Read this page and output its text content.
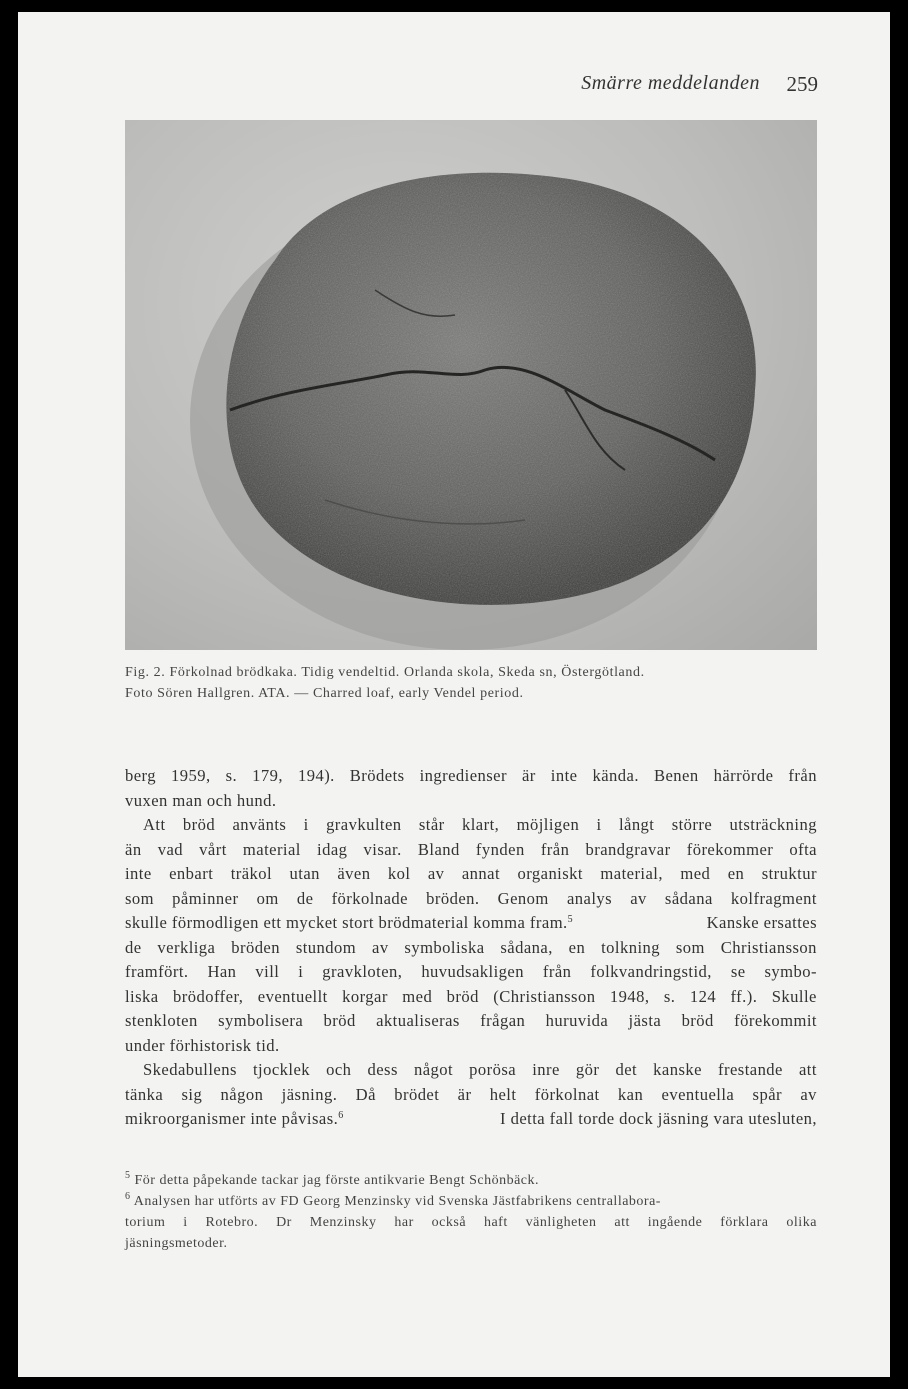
Smärre meddelanden 259
Fig. 2. Förkolnad brödkaka. Tidig vendeltid. Orlanda skola, Skeda sn, Östergötland.
Foto Sören Hallgren. ATA. — Charred loaf, early Vendel period.
berg 1959, s. 179, 194). Brödets ingredienser är inte kända. Benen härrörde från
vuxen man och hund.
Att bröd använts i gravkulten står klart, möjligen i långt större utsträckning
än vad vårt material idag visar. Bland fynden från brandgravar förekommer ofta
inte enbart träkol utan även kol av annat organiskt material, med en struktur
som påminner om de förkolnade bröden. Genom analys av sådana kolfragment
skulle förmodligen ett mycket stort brödmaterial komma fram.$^5$	Kanske ersattes
de verkliga bröden stundom av symboliska sådana, en tolkning som Christiansson
framfört. Han vill i gravkloten, huvudsakligen från folkvandringstid, se symbo-
liska brödoffer, eventuellt korgar med bröd (Christiansson 1948, s. 124 ff.). Skulle
stenkloten symbolisera bröd aktualiseras frågan huruvida jästa bröd förekommit
under förhistorisk tid.
Skedabullens tjocklek och dess något porösa inre gör det kanske frestande att
tänka sig någon jäsning. Då brödet är helt förkolnat kan eventuella spår av
mikroorganismer inte påvisas.$^6$	I detta fall torde dock jäsning vara utesluten,
$^5$ För detta påpekande tackar jag förste antikvarie Bengt Schönbäck.
$^6$ Analysen har utförts av FD Georg Menzinsky vid Svenska Jästfabrikens centrallabora-
torium i Rotebro. Dr Menzinsky har också haft vänligheten att ingående förklara olika
jäsningsmetoder.
